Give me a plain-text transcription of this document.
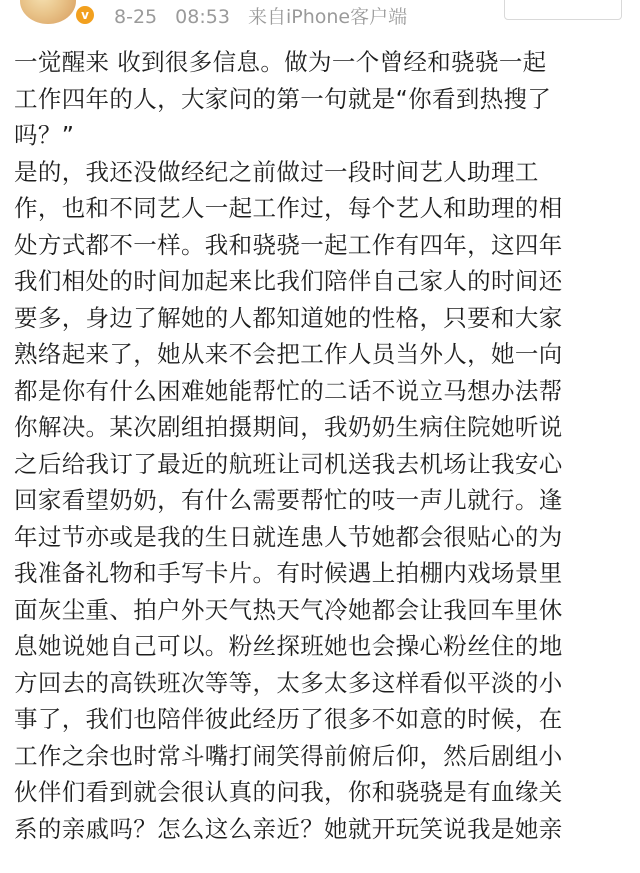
v	8-25 08:53 来自iPhone客户端
一觉醒来 收到很多信息。做为一个曾经和骁骁一起
工作四年的人，大家问的第一句就是“你看到热搜了
吗？”
是的，我还没做经纪之前做过一段时间艺人助理工
作，也和不同艺人一起工作过，每个艺人和助理的相
处方式都不一样。我和骁骁一起工作有四年，这四年
我们相处的时间加起来比我们陪伴自己家人的时间还
要多，身边了解她的人都知道她的性格，只要和大家
熟络起来了，她从来不会把工作人员当外人，她一向
都是你有什么困难她能帮忙的二话不说立马想办法帮
你解决。某次剧组拍摄期间，我奶奶生病住院她听说
之后给我订了最近的航班让司机送我去机场让我安心
回家看望奶奶，有什么需要帮忙的吱一声儿就行。逢
年过节亦或是我的生日就连患人节她都会很贴心的为
我准备礼物和手写卡片。有时候遇上拍棚内戏场景里
面灰尘重、拍户外天气热天气冷她都会让我回车里休
息她说她自己可以。粉丝探班她也会操心粉丝住的地
方回去的高铁班次等等，太多太多这样看似平淡的小
事了，我们也陪伴彼此经历了很多不如意的时候，在
工作之余也时常斗嘴打闹笑得前俯后仰，然后剧组小
伙伴们看到就会很认真的问我，你和骁骁是有血缘关
系的亲戚吗？怎么这么亲近？她就开玩笑说我是她亲
